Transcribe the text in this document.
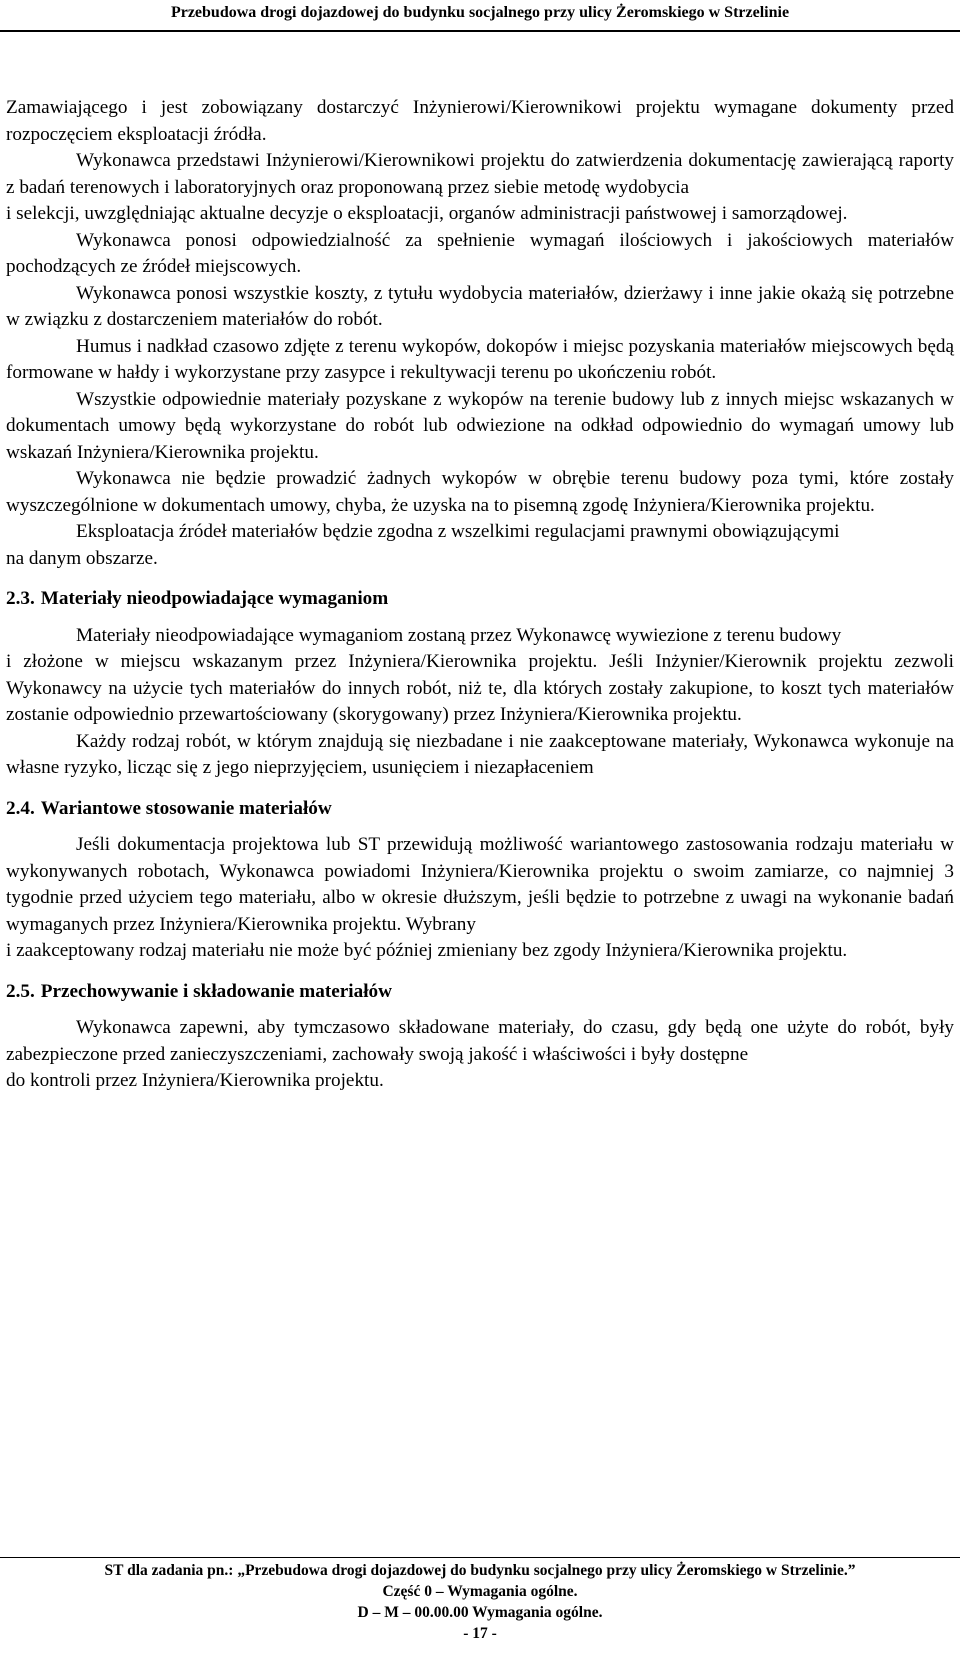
Przebudowa drogi dojazdowej do budynku socjalnego przy ulicy Żeromskiego w Strzelinie

Zamawiającego i jest zobowiązany dostarczyć Inżynierowi/Kierownikowi projektu wymagane dokumenty przed rozpoczęciem eksploatacji źródła.

Wykonawca przedstawi Inżynierowi/Kierownikowi projektu do zatwierdzenia dokumentację zawierającą raporty z badań terenowych i laboratoryjnych oraz proponowaną przez siebie metodę wydobycia

i selekcji, uwzględniając aktualne decyzje o eksploatacji, organów administracji państwowej i samorządowej.

Wykonawca ponosi odpowiedzialność za spełnienie wymagań ilościowych i jakościowych materiałów pochodzących ze źródeł miejscowych.

Wykonawca ponosi wszystkie koszty, z tytułu wydobycia materiałów, dzierżawy i inne jakie okażą się potrzebne w związku z dostarczeniem materiałów do robót.

Humus i nadkład czasowo zdjęte z terenu wykopów, dokopów i miejsc pozyskania materiałów miejscowych będą formowane w hałdy i wykorzystane przy zasypce i rekultywacji terenu po ukończeniu robót.

Wszystkie odpowiednie materiały pozyskane z wykopów na terenie budowy lub z innych miejsc wskazanych w dokumentach umowy będą wykorzystane do robót lub odwiezione na odkład odpowiednio do wymagań umowy lub wskazań Inżyniera/Kierownika projektu.

Wykonawca nie będzie prowadzić żadnych wykopów w obrębie terenu budowy poza tymi, które zostały wyszczególnione w dokumentach umowy, chyba, że uzyska na to pisemną zgodę Inżyniera/Kierownika projektu.

Eksploatacja źródeł materiałów będzie zgodna z wszelkimi regulacjami prawnymi obowiązującymi

na danym obszarze.

2.3. Materiały nieodpowiadające wymaganiom

Materiały nieodpowiadające wymaganiom zostaną przez Wykonawcę wywiezione z terenu budowy

i złożone w miejscu wskazanym przez Inżyniera/Kierownika projektu. Jeśli Inżynier/Kierownik projektu zezwoli Wykonawcy na użycie tych materiałów do innych robót, niż te, dla których zostały zakupione, to koszt tych materiałów zostanie odpowiednio przewartościowany (skorygowany) przez Inżyniera/Kierownika projektu.

Każdy rodzaj robót, w którym znajdują się niezbadane i nie zaakceptowane materiały, Wykonawca wykonuje na własne ryzyko, licząc się z jego nieprzyjęciem, usunięciem i niezapłaceniem

2.4. Wariantowe stosowanie materiałów

Jeśli dokumentacja projektowa lub ST przewidują możliwość wariantowego zastosowania rodzaju materiału w wykonywanych robotach, Wykonawca powiadomi Inżyniera/Kierownika projektu o swoim zamiarze, co najmniej 3 tygodnie przed użyciem tego materiału, albo w okresie dłuższym, jeśli będzie to potrzebne z uwagi na wykonanie badań wymaganych przez Inżyniera/Kierownika projektu. Wybrany

i zaakceptowany rodzaj materiału nie może być później zmieniany bez zgody Inżyniera/Kierownika projektu.

2.5. Przechowywanie i składowanie materiałów

Wykonawca zapewni, aby tymczasowo składowane materiały, do czasu, gdy będą one użyte do robót, były zabezpieczone przed zanieczyszczeniami, zachowały swoją jakość i właściwości i były dostępne

do kontroli przez Inżyniera/Kierownika projektu.

ST dla zadania pn.: „Przebudowa drogi dojazdowej do budynku socjalnego przy ulicy Żeromskiego w Strzelinie.”
Część 0 – Wymagania ogólne.
D – M – 00.00.00 Wymagania ogólne.
- 17 -
